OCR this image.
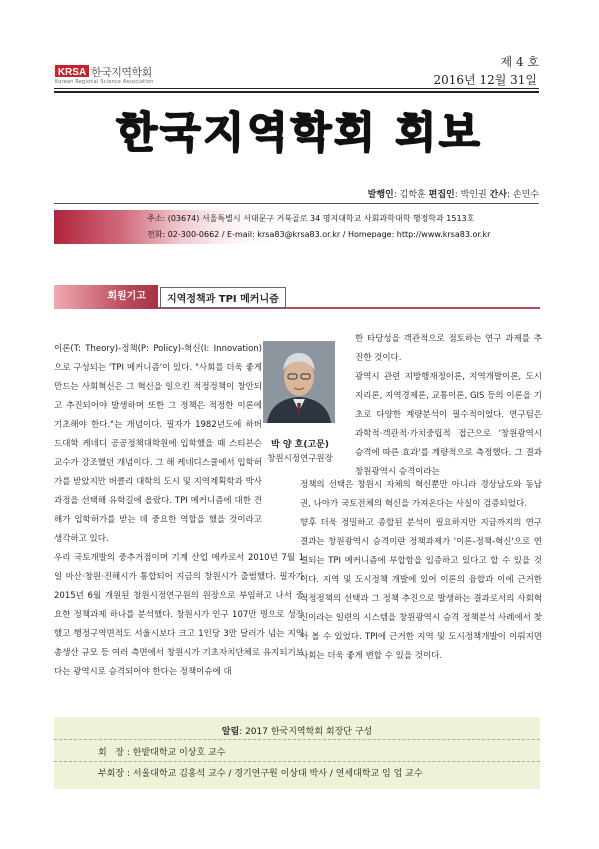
KRSA 한국지역학회
Korean Regional Science Association
제 4 호
2016년 12월 31일
한국지역학회 회보
발행인: 김학훈 편집인: 박인권 간사: 손민수
주소: (03674) 서울특별시 서대문구 거북골로 34 명지대학교 사회과학대학 행정학과 1513호
전화: 02-300-0662 / E-mail: krsa83@krsa83.or.kr / Homepage: http://www.krsa83.or.kr
회원기고	지역정책과 TPI 메커니즘

이론(T: Theory)-정책(P: Policy)-혁신(I: Innovation)으로 구성되는 'TPI 메커니즘'이 있다. "사회를 더욱 좋게 만드는 사회혁신은 그 혁신을 일으킨 적정정책이 창안되고 추진되어야 발생하며 또한 그 정책은 적정한 이론에 기초해야 한다."는 개념이다. 필자가 1982년도에 하버드대학 케네디 공공정책대학원에 입학했을 때 스티븐슨 교수가 강조했던 개념이다. 그 해 케네디스쿨에서 입학허가를 받았지만 버클리 대학의 도시 및 지역계획학과 박사과정을 선택해 유학길에 올랐다. TPI 메커니즘에 대한 견해가 입학허가를 받는 데 중요한 역할을 했을 것이라고 생각하고 있다.

우리 국토개발의 중추거점이며 기계 산업 메카로서 2010년 7월 1일 마산·창원·진해시가 통합되어 지금의 창원시가 출범했다. 필자가 2015년 6월 개원된 창원시정연구원의 원장으로 부임하고 나서 중요한 정책과제 하나를 분석했다. 창원시가 인구 107만 명으로 성장했고 행정구역면적도 서울시보다 크고 1인당 3만 달러가 넘는 지역총생산 규모 등 여러 측면에서 창원시가 기초자치단체로 유지되기보다는 광역시로 승격되어야 한다는 정책이슈에 대

박 양 호(고문)
창원시정연구원장

한 타당성을 객관적으로 점토하는 연구 과제를 추진한 것이다.

광역시 관련 지방행재정이론, 지역개발이론, 도시지리론, 지역경제론, 교통이론, GIS 등의 이론을 기초로 다양한 계량분석이 필수적이었다. 연구팀은 과학적·객관적·가치중립적 접근으로 '창원광역시 승격에 따른 효과'를 계량적으로 측정했다. 그 결과 창원광역시 승격이라는

정책의 선택은 창원시 자체의 혁신뿐만 아니라 경상남도와 동남권, 나아가 국토전체의 혁신을 가져온다는 사실이 검증되었다.

향후 더욱 정밀하고 종합된 분석이 필요하지만 지금까지의 연구 결과는 창원광역시 승격이란 정책과제가 '이론-정책-혁신'으로 연결되는 TPI 메커니즘에 부합함을 입증하고 있다고 할 수 있을 것이다. 지역 및 도시정책 개발에 있어 이론의 융합과 이에 근거한 적정정책의 선택과 그 정책 추진으로 발생하는 결과로서의 사회혁신이라는 일련의 시스템을 창원광역시 승격 정책분석 사례에서 찾아 볼 수 있었다. TPI에 근거한 지역 및 도시정책개발이 이뤄지면 사회는 더욱 좋게 변할 수 있을 것이다.

알림: 2017 한국지역학회 회장단 구성
회   장 : 한밭대학교 이상호 교수
부회장 : 서울대학교 김홍석 교수 / 경기연구원 이상대 박사 / 연세대학교 임 업 교수
